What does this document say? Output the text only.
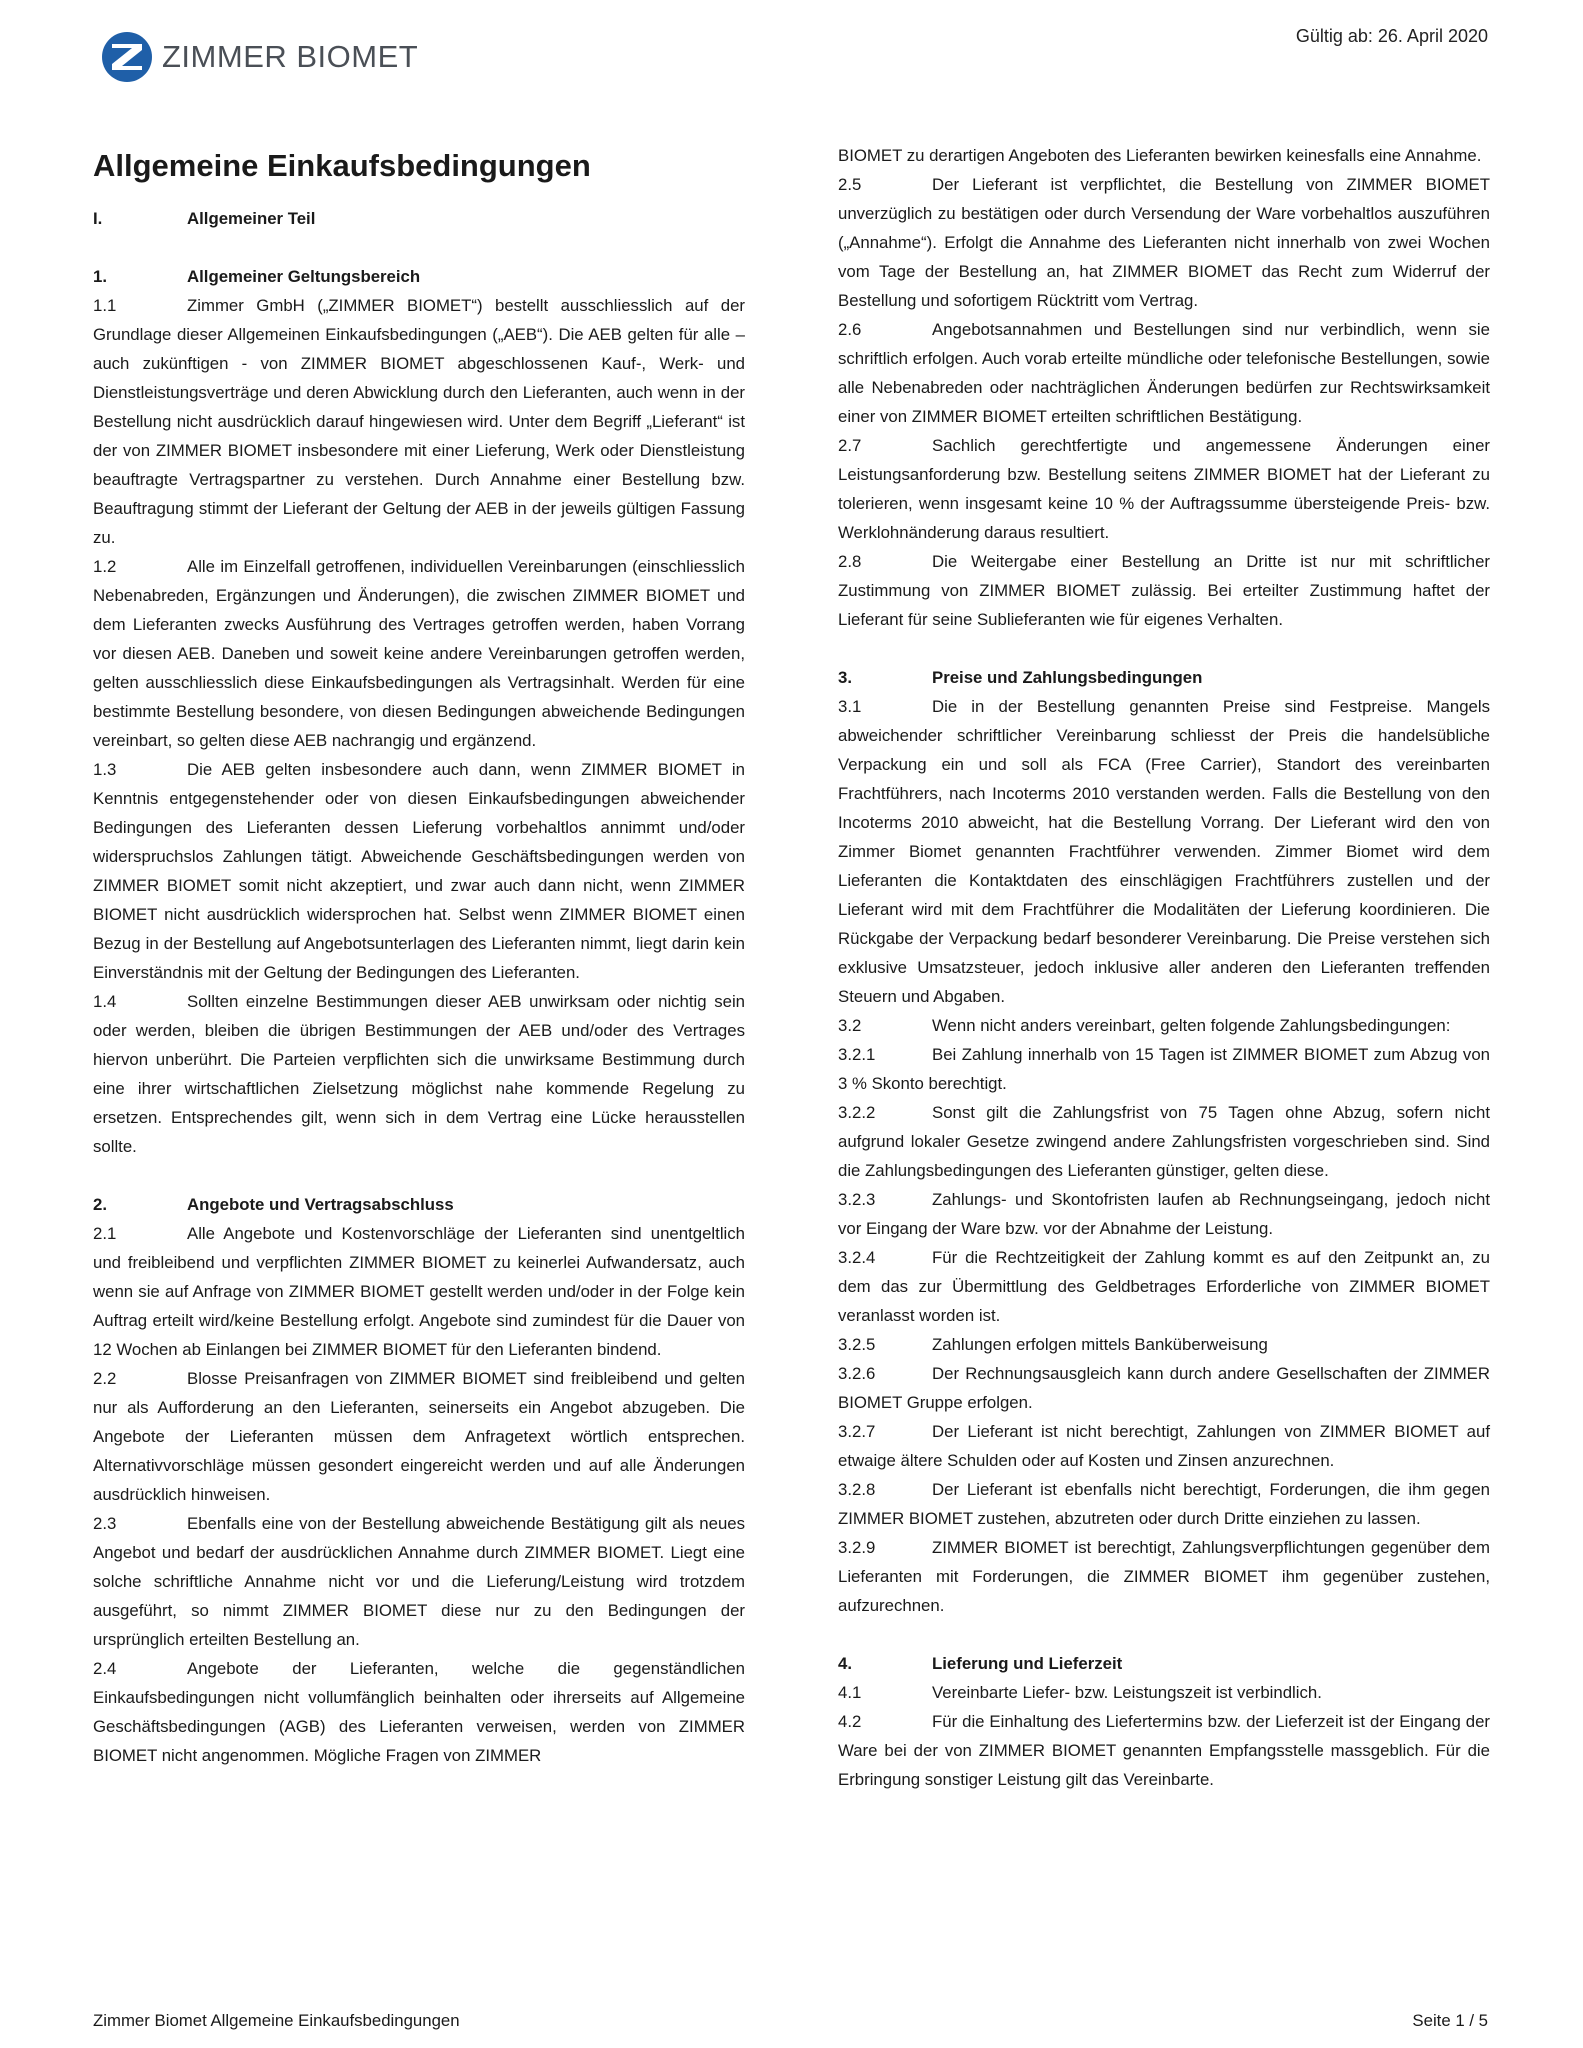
ZIMMER BIOMET
Gültig ab: 26. April 2020
Allgemeine Einkaufsbedingungen
I.	Allgemeiner Teil
1.	Allgemeiner Geltungsbereich
1.1	Zimmer GmbH („ZIMMER BIOMET“) bestellt ausschliesslich auf der Grundlage dieser Allgemeinen Einkaufsbedingungen („AEB“). Die AEB gelten für alle – auch zukünftigen - von ZIMMER BIOMET abgeschlossenen Kauf-, Werk- und Dienstleistungsverträge und deren Abwicklung durch den Lieferanten, auch wenn in der Bestellung nicht ausdrücklich darauf hingewiesen wird. Unter dem Begriff „Lieferant“ ist der von ZIMMER BIOMET insbesondere mit einer Lieferung, Werk oder Dienstleistung beauftragte Vertragspartner zu verstehen. Durch Annahme einer Bestellung bzw. Beauftragung stimmt der Lieferant der Geltung der AEB in der jeweils gültigen Fassung zu.
1.2	Alle im Einzelfall getroffenen, individuellen Vereinbarungen (einschliesslich Nebenabreden, Ergänzungen und Änderungen), die zwischen ZIMMER BIOMET und dem Lieferanten zwecks Ausführung des Vertrages getroffen werden, haben Vorrang vor diesen AEB. Daneben und soweit keine andere Vereinbarungen getroffen werden, gelten ausschliesslich diese Einkaufsbedingungen als Vertragsinhalt. Werden für eine bestimmte Bestellung besondere, von diesen Bedingungen abweichende Bedingungen vereinbart, so gelten diese AEB nachrangig und ergänzend.
1.3	Die AEB gelten insbesondere auch dann, wenn ZIMMER BIOMET in Kenntnis entgegenstehender oder von diesen Einkaufsbedingungen abweichender Bedingungen des Lieferanten dessen Lieferung vorbehaltlos annimmt und/oder widerspruchslos Zahlungen tätigt. Abweichende Geschäftsbedingungen werden von ZIMMER BIOMET somit nicht akzeptiert, und zwar auch dann nicht, wenn ZIMMER BIOMET nicht ausdrücklich widersprochen hat. Selbst wenn ZIMMER BIOMET einen Bezug in der Bestellung auf Angebotsunterlagen des Lieferanten nimmt, liegt darin kein Einverständnis mit der Geltung der Bedingungen des Lieferanten.
1.4	Sollten einzelne Bestimmungen dieser AEB unwirksam oder nichtig sein oder werden, bleiben die übrigen Bestimmungen der AEB und/oder des Vertrages hiervon unberührt. Die Parteien verpflichten sich die unwirksame Bestimmung durch eine ihrer wirtschaftlichen Zielsetzung möglichst nahe kommende Regelung zu ersetzen. Entsprechendes gilt, wenn sich in dem Vertrag eine Lücke herausstellen sollte.
2.	Angebote und Vertragsabschluss
2.1	Alle Angebote und Kostenvorschläge der Lieferanten sind unentgeltlich und freibleibend und verpflichten ZIMMER BIOMET zu keinerlei Aufwandersatz, auch wenn sie auf Anfrage von ZIMMER BIOMET gestellt werden und/oder in der Folge kein Auftrag erteilt wird/keine Bestellung erfolgt. Angebote sind zumindest für die Dauer von 12 Wochen ab Einlangen bei ZIMMER BIOMET für den Lieferanten bindend.
2.2	Blosse Preisanfragen von ZIMMER BIOMET sind freibleibend und gelten nur als Aufforderung an den Lieferanten, seinerseits ein Angebot abzugeben. Die Angebote der Lieferanten müssen dem Anfragetext wörtlich entsprechen. Alternativvorschläge müssen gesondert eingereicht werden und auf alle Änderungen ausdrücklich hinweisen.
2.3	Ebenfalls eine von der Bestellung abweichende Bestätigung gilt als neues Angebot und bedarf der ausdrücklichen Annahme durch ZIMMER BIOMET. Liegt eine solche schriftliche Annahme nicht vor und die Lieferung/Leistung wird trotzdem ausgeführt, so nimmt ZIMMER BIOMET diese nur zu den Bedingungen der ursprünglich erteilten Bestellung an.
2.4	Angebote der Lieferanten, welche die gegenständlichen Einkaufsbedingungen nicht vollumfänglich beinhalten oder ihrerseits auf Allgemeine Geschäftsbedingungen (AGB) des Lieferanten verweisen, werden von ZIMMER BIOMET nicht angenommen. Mögliche Fragen von ZIMMER
BIOMET zu derartigen Angeboten des Lieferanten bewirken keinesfalls eine Annahme.
2.5	Der Lieferant ist verpflichtet, die Bestellung von ZIMMER BIOMET unverzüglich zu bestätigen oder durch Versendung der Ware vorbehaltlos auszuführen („Annahme“). Erfolgt die Annahme des Lieferanten nicht innerhalb von zwei Wochen vom Tage der Bestellung an, hat ZIMMER BIOMET das Recht zum Widerruf der Bestellung und sofortigem Rücktritt vom Vertrag.
2.6	Angebotsannahmen und Bestellungen sind nur verbindlich, wenn sie schriftlich erfolgen. Auch vorab erteilte mündliche oder telefonische Bestellungen, sowie alle Nebenabreden oder nachträglichen Änderungen bedürfen zur Rechtswirksamkeit einer von ZIMMER BIOMET erteilten schriftlichen Bestätigung.
2.7	Sachlich gerechtfertigte und angemessene Änderungen einer Leistungsanforderung bzw. Bestellung seitens ZIMMER BIOMET hat der Lieferant zu tolerieren, wenn insgesamt keine 10 % der Auftragssumme übersteigende Preis- bzw. Werklohnänderung daraus resultiert.
2.8	Die Weitergabe einer Bestellung an Dritte ist nur mit schriftlicher Zustimmung von ZIMMER BIOMET zulässig. Bei erteilter Zustimmung haftet der Lieferant für seine Sublieferanten wie für eigenes Verhalten.
3.	Preise und Zahlungsbedingungen
3.1	Die in der Bestellung genannten Preise sind Festpreise. Mangels abweichender schriftlicher Vereinbarung schliesst der Preis die handelsübliche Verpackung ein und soll als FCA (Free Carrier), Standort des vereinbarten Frachtführers, nach Incoterms 2010 verstanden werden. Falls die Bestellung von den Incoterms 2010 abweicht, hat die Bestellung Vorrang. Der Lieferant wird den von Zimmer Biomet genannten Frachtführer verwenden. Zimmer Biomet wird dem Lieferanten die Kontaktdaten des einschlägigen Frachtführers zustellen und der Lieferant wird mit dem Frachtführer die Modalitäten der Lieferung koordinieren. Die Rückgabe der Verpackung bedarf besonderer Vereinbarung. Die Preise verstehen sich exklusive Umsatzsteuer, jedoch inklusive aller anderen den Lieferanten treffenden Steuern und Abgaben.
3.2	Wenn nicht anders vereinbart, gelten folgende Zahlungsbedingungen:
3.2.1	Bei Zahlung innerhalb von 15 Tagen ist ZIMMER BIOMET zum Abzug von 3 % Skonto berechtigt.
3.2.2	Sonst gilt die Zahlungsfrist von 75 Tagen ohne Abzug, sofern nicht aufgrund lokaler Gesetze zwingend andere Zahlungsfristen vorgeschrieben sind. Sind die Zahlungsbedingungen des Lieferanten günstiger, gelten diese.
3.2.3	Zahlungs- und Skontofristen laufen ab Rechnungseingang, jedoch nicht vor Eingang der Ware bzw. vor der Abnahme der Leistung.
3.2.4	Für die Rechtzeitigkeit der Zahlung kommt es auf den Zeitpunkt an, zu dem das zur Übermittlung des Geldbetrages Erforderliche von ZIMMER BIOMET veranlasst worden ist.
3.2.5	Zahlungen erfolgen mittels Banküberweisung
3.2.6	Der Rechnungsausgleich kann durch andere Gesellschaften der ZIMMER BIOMET Gruppe erfolgen.
3.2.7	Der Lieferant ist nicht berechtigt, Zahlungen von ZIMMER BIOMET auf etwaige ältere Schulden oder auf Kosten und Zinsen anzurechnen.
3.2.8	Der Lieferant ist ebenfalls nicht berechtigt, Forderungen, die ihm gegen ZIMMER BIOMET zustehen, abzutreten oder durch Dritte einziehen zu lassen.
3.2.9	ZIMMER BIOMET ist berechtigt, Zahlungsverpflichtungen gegenüber dem Lieferanten mit Forderungen, die ZIMMER BIOMET ihm gegenüber zustehen, aufzurechnen.
4.	Lieferung und Lieferzeit
4.1	Vereinbarte Liefer- bzw. Leistungszeit ist verbindlich.
4.2	Für die Einhaltung des Liefertermins bzw. der Lieferzeit ist der Eingang der Ware bei der von ZIMMER BIOMET genannten Empfangsstelle massgeblich. Für die Erbringung sonstiger Leistung gilt das Vereinbarte.
Zimmer Biomet Allgemeine Einkaufsbedingungen	Seite 1 / 5
